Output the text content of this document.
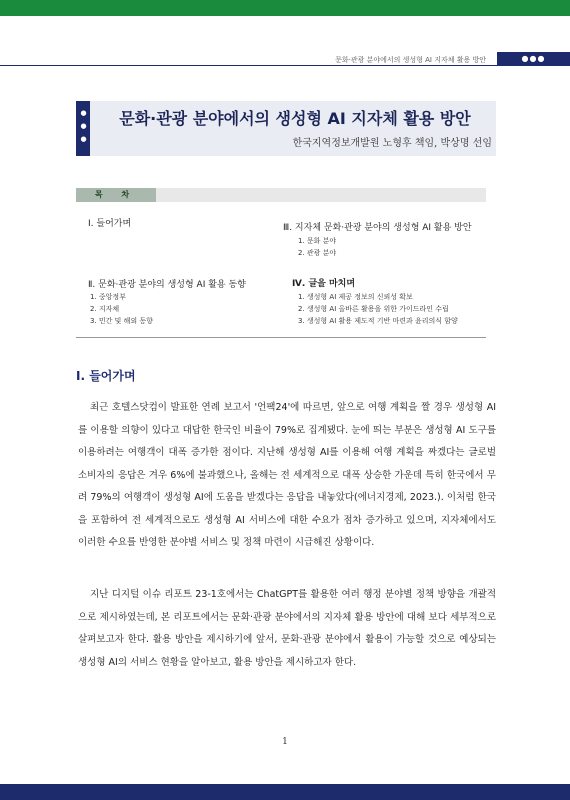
문화·관광 분야에서의 생성형 AI 지자체 활용 방안	●●●
●●●	문화·관광 분야에서의 생성형 AI 지자체 활용 방안
한국지역정보개발원 노형후 책임, 박상명 선임
목 차
Ⅰ. 들어가며
Ⅱ. 문화·관광 분야의 생성형 AI 활용 동향
1. 중앙정부
2. 지자체
3. 민간 및 해외 동향
Ⅲ. 지자체 문화·관광 분야의 생성형 AI 활용 방안
1. 문화 분야
2. 관광 분야
Ⅳ. 글을 마치며
1. 생성형 AI 제공 정보의 신뢰성 확보
2. 생성형 AI 올바른 활용을 위한 가이드라인 수립
3. 생성형 AI 활용 제도적 기반 마련과 윤리의식 함양
Ⅰ. 들어가며

최근 호텔스닷컴이 발표한 연례 보고서 '언팩24'에 따르면, 앞으로 여행 계획을 짤 경우 생성형 AI를 이용할 의향이 있다고 대답한 한국인 비율이 79%로 집계됐다. 눈에 띄는 부분은 생성형 AI 도구를 이용하려는 여행객이 대폭 증가한 점이다. 지난해 생성형 AI를 이용해 여행 계획을 짜겠다는 글로벌 소비자의 응답은 겨우 6%에 불과했으나, 올해는 전 세계적으로 대폭 상승한 가운데 특히 한국에서 무려 79%의 여행객이 생성형 AI에 도움을 받겠다는 응답을 내놓았다(에너지경제, 2023.). 이처럼 한국을 포함하여 전 세계적으로도 생성형 AI 서비스에 대한 수요가 점차 증가하고 있으며, 지자체에서도 이러한 수요를 반영한 분야별 서비스 및 정책 마련이 시급해진 상황이다.

지난 디지털 이슈 리포트 23-1호에서는 ChatGPT를 활용한 여러 행정 분야별 정책 방향을 개괄적으로 제시하였는데, 본 리포트에서는 문화·관광 분야에서의 지자체 활용 방안에 대해 보다 세부적으로 살펴보고자 한다. 활용 방안을 제시하기에 앞서, 문화·관광 분야에서 활용이 가능할 것으로 예상되는 생성형 AI의 서비스 현황을 알아보고, 활용 방안을 제시하고자 한다.

1
